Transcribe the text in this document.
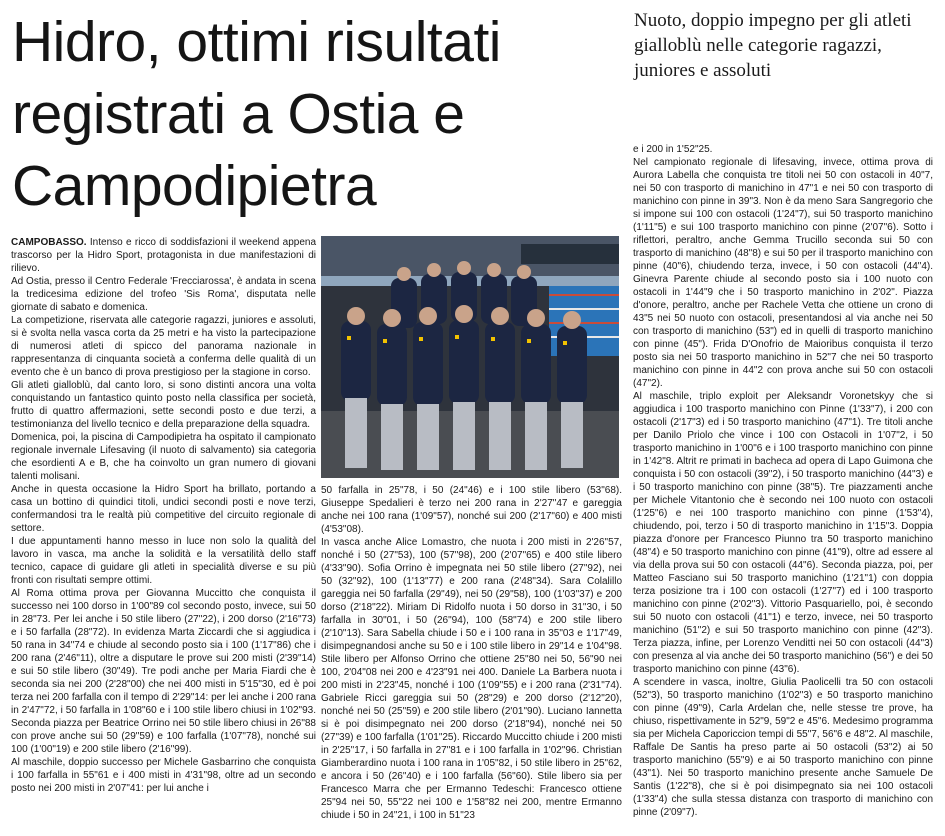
Hidro, ottimi risultati registrati a Ostia e Campodipietra
Nuoto, doppio impegno per gli atleti gialloblù nelle categorie ragazzi, juniores e assoluti

CAMPOBASSO. Intenso e ricco di soddisfazioni il weekend appena trascorso per la Hidro Sport, protagonista in due manifestazioni di rilievo.

Ad Ostia, presso il Centro Federale 'Frecciarossa', è andata in scena la tredicesima edizione del trofeo 'Sis Roma', disputata nelle giornate di sabato e domenica.

La competizione, riservata alle categorie ragazzi, juniores e assoluti, si è svolta nella vasca corta da 25 metri e ha visto la partecipazione di numerosi atleti di spicco del panorama nazionale in rappresentanza di cinquanta società a conferma delle qualità di un evento che è un banco di prova prestigioso per la stagione in corso.

Gli atleti gialloblù, dal canto loro, si sono distinti ancora una volta conquistando un fantastico quinto posto nella classifica per società, frutto di quattro affermazioni, sette secondi posto e due terzi, a testimonianza del livello tecnico e della preparazione della squadra.

Domenica, poi, la piscina di Campodipietra ha ospitato il campionato regionale invernale Lifesaving (il nuoto di salvamento) sia categoria che esordienti A e B, che ha coinvolto un gran numero di giovani talenti molisani.

Anche in questa occasione la Hidro Sport ha brillato, portando a casa un bottino di quindici titoli, undici secondi posti e nove terzi, confermandosi tra le realtà più competitive del circuito regionale di settore.

I due appuntamenti hanno messo in luce non solo la qualità del lavoro in vasca, ma anche la solidità e la versatilità dello staff tecnico, capace di guidare gli atleti in specialità diverse e su più fronti con risultati sempre ottimi.

Al Roma ottima prova per Giovanna Muccitto che conquista il successo nei 100 dorso in 1'00"89 col secondo posto, invece, sui 50 in 28"73. Per lei anche i 50 stile libero (27"22), i 200 dorso (2'16"73) e i 50 farfalla (28"72). In evidenza Marta Ziccardi che si aggiudica i 50 rana in 34"74 e chiude al secondo posto sia i 100 (1'17"86) che i 200 rana (2'46"11), oltre a disputare le prove sui 200 misti (2'39"14) e sui 50 stile libero (30"49). Tre podi anche per Maria Fiardi che è seconda sia nei 200 (2'28"00) che nei 400 misti in 5'15"30, ed è poi terza nei 200 farfalla con il tempo di 2'29"14: per lei anche i 200 rana in 2'47"72, i 50 farfalla in 1'08"60 e i 100 stile libero chiusi in 1'02"93. Seconda piazza per Beatrice Orrino nei 50 stile libero chiusi in 26"88 con prove anche sui 50 (29"59) e 100 farfalla (1'07"78), nonché sui 100 (1'00"19) e 200 stile libero (2'16"99).

Al maschile, doppio successo per Michele Gasbarrino che conquista i 100 farfalla in 55"61 e i 400 misti in 4'31"98, oltre ad un secondo posto nei 200 misti in 2'07"41: per lui anche i

50 farfalla in 25"78, i 50 (24"46) e i 100 stile libero (53"68). Giuseppe Spedalieri è terzo nei 200 rana in 2'27"47 e gareggia anche nei 100 rana (1'09"57), nonché sui 200 (2'17"60) e 400 misti (4'53"08).

In vasca anche Alice Lomastro, che nuota i 200 misti in 2'26"57, nonché i 50 (27"53), 100 (57"98), 200 (2'07"65) e 400 stile libero (4'33"90). Sofia Orrino è impegnata nei 50 stile libero (27"92), nei 50 (32"92), 100 (1'13"77) e 200 rana (2'48"34). Sara Colalillo gareggia nei 50 farfalla (29"49), nei 50 (29"58), 100 (1'03"37) e 200 dorso (2'18"22). Miriam Di Ridolfo nuota i 50 dorso in 31"30, i 50 farfalla in 30"01, i 50 (26"94), 100 (58"74) e 200 stile libero (2'10"13). Sara Sabella chiude i 50 e i 100 rana in 35"03 e 1'17"49, disimpegnandosi anche su 50 e i 100 stile libero in 29"14 e 1'04"98. Stile libero per Alfonso Orrino che ottiene 25"80 nei 50, 56"90 nei 100, 2'04"08 nei 200 e 4'23"91 nei 400. Daniele La Barbera nuota i 200 misti in 2'23"45, nonché i 100 (1'09"55) e i 200 rana (2'31"74). Gabriele Ricci gareggia sui 50 (28"29) e 200 dorso (2'12"20), nonché nei 50 (25"59) e 200 stile libero (2'01"90). Luciano Iannetta si è poi disimpegnato nei 200 dorso (2'18"94), nonché nei 50 (27"39) e 100 farfalla (1'01"25). Riccardo Muccitto chiude i 200 misti in 2'25"17, i 50 farfalla in 27"81 e i 100 farfalla in 1'02"96. Christian Giamberardino nuota i 100 rana in 1'05"82, i 50 stile libero in 25"62, e ancora i 50 (26"40) e i 100 farfalla (56"60). Stile libero sia per Francesco Marra che per Ermanno Tedeschi: Francesco ottiene 25"94 nei 50, 55"22 nei 100 e 1'58"82 nei 200, mentre Ermanno chiude i 50 in 24"21, i 100 in 51"23

e i 200 in 1'52"25.

Nel campionato regionale di lifesaving, invece, ottima prova di Aurora Labella che conquista tre titoli nei 50 con ostacoli in 40"7, nei 50 con trasporto di manichino in 47"1 e nei 50 con trasporto di manichino con pinne in 39"3. Non è da meno Sara Sangregorio che si impone sui 100 con ostacoli (1'24"7), sui 50 trasporto manichino (1'11"5) e sui 100 trasporto manichino con pinne (2'07"6). Sotto i riflettori, peraltro, anche Gemma Trucillo seconda sui 50 con trasporto di manichino (48"8) e sui 50 per il trasporto manichino con pinne (40"6), chiudendo terza, invece, i 50 con ostacoli (44"4). Ginevra Parente chiude al secondo posto sia i 100 nuoto con ostacoli in 1'44"9 che i 50 trasporto manichino in 2'02". Piazza d'onore, peraltro, anche per Rachele Vetta che ottiene un crono di 43"5 nei 50 nuoto con ostacoli, presentandosi al via anche nei 50 con trasporto di manichino (53") ed in quelli di trasporto manichino con pinne (45"). Frida D'Onofrio de Maioribus conquista il terzo posto sia nei 50 trasporto manichino in 52"7 che nei 50 trasporto manichino con pinne in 44"2 con prova anche sui 50 con ostacoli (47"2).

Al maschile, triplo exploit per Aleksandr Voronetskyy che si aggiudica i 100 trasporto manichino con Pinne (1'33"7), i 200 con ostacoli (2'17"3) ed i 50 trasporto manichino (47"1). Tre titoli anche per Danilo Priolo che vince i 100 con Ostacoli in 1'07"2, i 50 trasporto manichino in 1'00"6 e i 100 trasporto manichino con pinne in 1'42"8. Altrit re primati in bacheca ad opera di Lapo Guimona che conquista i 50 con ostacoli (39"2), i 50 trasporto manichino (44"3) e i 50 trasporto manichino con pinne (38"5). Tre piazzamenti anche per Michele Vitantonio che è secondo nei 100 nuoto con ostacoli (1'25"6) e nei 100 trasporto manichino con pinne (1'53"4), chiudendo, poi, terzo i 50 di trasporto manichino in 1'15"3. Doppia piazza d'onore per Francesco Piunno tra 50 trasporto manichino (48"4) e 50 trasporto manichino con pinne (41"9), oltre ad essere al via della prova sui 50 con ostacoli (44"6). Seconda piazza, poi, per Matteo Fasciano sui 50 trasporto manichino (1'21"1) con doppia terza posizione tra i 100 con ostacoli (1'27"7) ed i 100 trasporto manichino con pinne (2'02"3). Vittorio Pasquariello, poi, è secondo sui 50 nuoto con ostacoli (41"1) e terzo, invece, nei 50 trasporto manichino (51"2) e sui 50 trasporto manichino con pinne (42"3). Terza piazza, infine, per Lorenzo Venditti nei 50 con ostacoli (44"3) con presenza al via anche dei 50 trasporto manichino (56") e dei 50 trasporto manichino con pinne (43"6).

A scendere in vasca, inoltre, Giulia Paolicelli tra 50 con ostacoli (52"3), 50 trasporto manichino (1'02"3) e 50 trasporto manichino con pinne (49"9), Carla Ardelan che, nelle stesse tre prove, ha chiuso, rispettivamente in 52"9, 59"2 e 45"6. Medesimo programma sia per Michela Caporiccion tempi di 55"7, 56"6 e 48"2. Al maschile, Raffale De Santis ha preso parte ai 50 ostacoli (53"2) ai 50 trasporto manichino (55"9) e ai 50 trasporto manichino con pinne (43"1). Nei 50 trasporto manichino presente anche Samuele De Santis (1'22"8), che si è poi disimpegnato sia nei 100 ostacoli (1'33"4) che sulla stessa distanza con trasporto di manichino con pinne (2'09"7).
